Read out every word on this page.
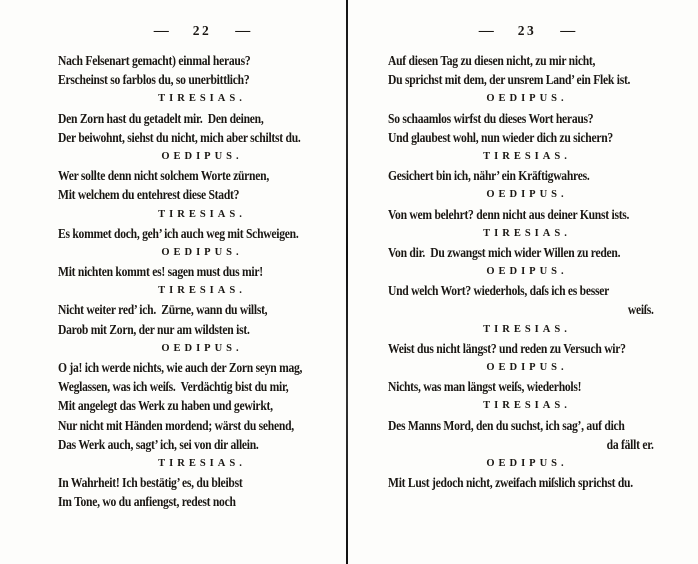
— 22 —
Nach Felsenart gemacht) einmal heraus?
Erscheinst so farblos du, so unerbittlich?
TIRESIAS.
Den Zorn hast du getadelt mir.  Den deinen,
Der beiwohnt, siehst du nicht, mich aber schiltst du.
OEDIPUS.
Wer sollte denn nicht solchem Worte zürnen,
Mit welchem du entehrest diese Stadt?
TIRESIAS.
Es kommet doch, geh’ ich auch weg mit Schweigen.
OEDIPUS.
Mit nichten kommt es! sagen must dus mir!
TIRESIAS.
Nicht weiter red’ ich.  Zürne, wann du willst,
Darob mit Zorn, der nur am wildsten ist.
OEDIPUS.
O ja! ich werde nichts, wie auch der Zorn seyn mag,
Weglassen, was ich weiſs.  Verdächtig bist du mir,
Mit angelegt das Werk zu haben und gewirkt,
Nur nicht mit Händen mordend; wärst du sehend,
Das Werk auch, sagt’ ich, sei von dir allein.
TIRESIAS.
In Wahrheit! Ich bestätig’ es, du bleibst
Im Tone, wo du anfiengst, redest noch
— 23 —
Auf diesen Tag zu diesen nicht, zu mir nicht,
Du sprichst mit dem, der unsrem Land’ ein Flek ist.
OEDIPUS.
So schaamlos wirfst du dieses Wort heraus?
Und glaubest wohl, nun wieder dich zu sichern?
TIRESIAS.
Gesichert bin ich, nähr’ ein Kräftigwahres.
OEDIPUS.
Von wem belehrt? denn nicht aus deiner Kunst ists.
TIRESIAS.
Von dir.  Du zwangst mich wider Willen zu reden.
OEDIPUS.
Und welch Wort? wiederhols, daſs ich es besser
weiſs.
TIRESIAS.
Weist dus nicht längst? und reden zu Versuch wir?
OEDIPUS.
Nichts, was man längst weiſs, wiederhols!
TIRESIAS.
Des Manns Mord, den du suchst, ich sag’, auf dich
da fällt er.
OEDIPUS.
Mit Lust jedoch nicht, zweifach miſslich sprichst du.
